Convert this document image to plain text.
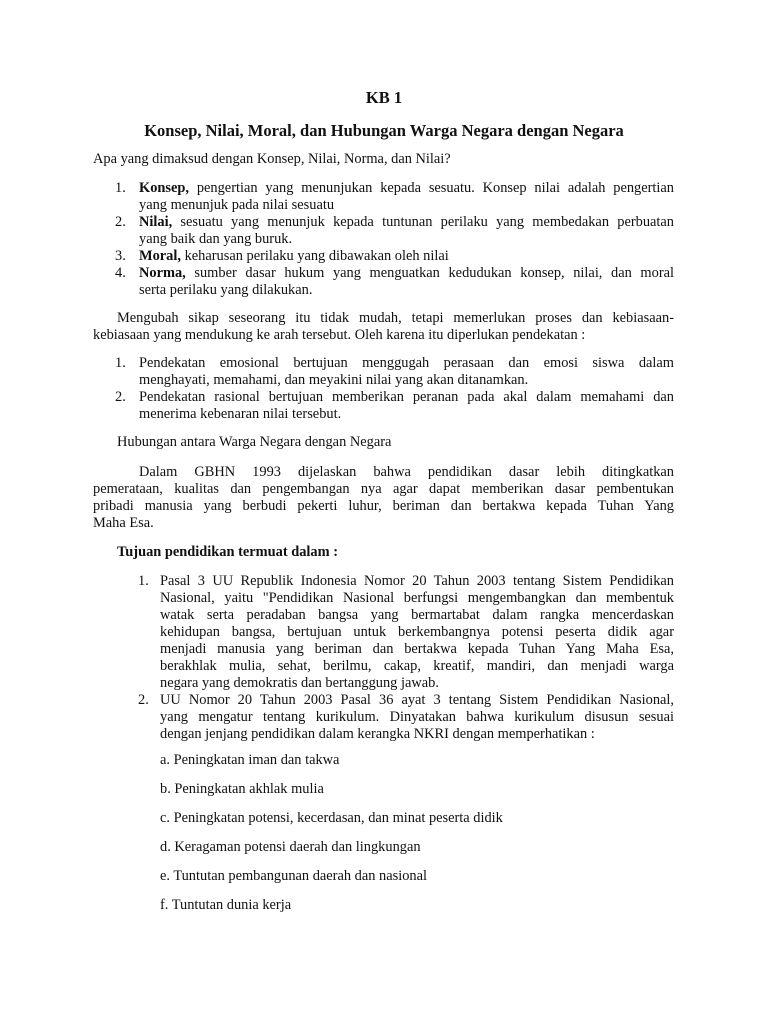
KB 1
Konsep, Nilai, Moral, dan Hubungan Warga Negara dengan Negara

Apa yang dimaksud dengan Konsep, Nilai, Norma, dan Nilai?

1. Konsep, pengertian yang menunjukan kepada sesuatu. Konsep nilai adalah pengertian
yang menunjuk pada nilai sesuatu
2. Nilai, sesuatu yang menunjuk kepada tuntunan perilaku yang membedakan perbuatan
yang baik dan yang buruk.
3. Moral, keharusan perilaku yang dibawakan oleh nilai
4. Norma, sumber dasar hukum yang menguatkan kedudukan konsep, nilai, dan moral
serta perilaku yang dilakukan.
Mengubah sikap seseorang itu tidak mudah, tetapi memerlukan proses dan kebiasaan-
kebiasaan yang mendukung ke arah tersebut. Oleh karena itu diperlukan pendekatan :
1. Pendekatan emosional bertujuan menggugah perasaan dan emosi siswa dalam
menghayati, memahami, dan meyakini nilai yang akan ditanamkan.
2. Pendekatan rasional bertujuan memberikan peranan pada akal dalam memahami dan
menerima kebenaran nilai tersebut.

Hubungan antara Warga Negara dengan Negara

Dalam GBHN 1993 dijelaskan bahwa pendidikan dasar lebih ditingkatkan
pemerataan, kualitas dan pengembangan nya agar dapat memberikan dasar pembentukan
pribadi manusia yang berbudi pekerti luhur, beriman dan bertakwa kepada Tuhan Yang
Maha Esa.

Tujuan pendidikan termuat dalam :

1. Pasal 3 UU Republik Indonesia Nomor 20 Tahun 2003 tentang Sistem Pendidikan
Nasional, yaitu "Pendidikan Nasional berfungsi mengembangkan dan membentuk
watak serta peradaban bangsa yang bermartabat dalam rangka mencerdaskan
kehidupan bangsa, bertujuan untuk berkembangnya potensi peserta didik agar
menjadi manusia yang beriman dan bertakwa kepada Tuhan Yang Maha Esa,
berakhlak mulia, sehat, berilmu, cakap, kreatif, mandiri, dan menjadi warga
negara yang demokratis dan bertanggung jawab.
2. UU Nomor 20 Tahun 2003 Pasal 36 ayat 3 tentang Sistem Pendidikan Nasional,
yang mengatur tentang kurikulum. Dinyatakan bahwa kurikulum disusun sesuai
dengan jenjang pendidikan dalam kerangka NKRI dengan memperhatikan :
a. Peningkatan iman dan takwa
b. Peningkatan akhlak mulia
c. Peningkatan potensi, kecerdasan, dan minat peserta didik
d. Keragaman potensi daerah dan lingkungan
e. Tuntutan pembangunan daerah dan nasional
f. Tuntutan dunia kerja
